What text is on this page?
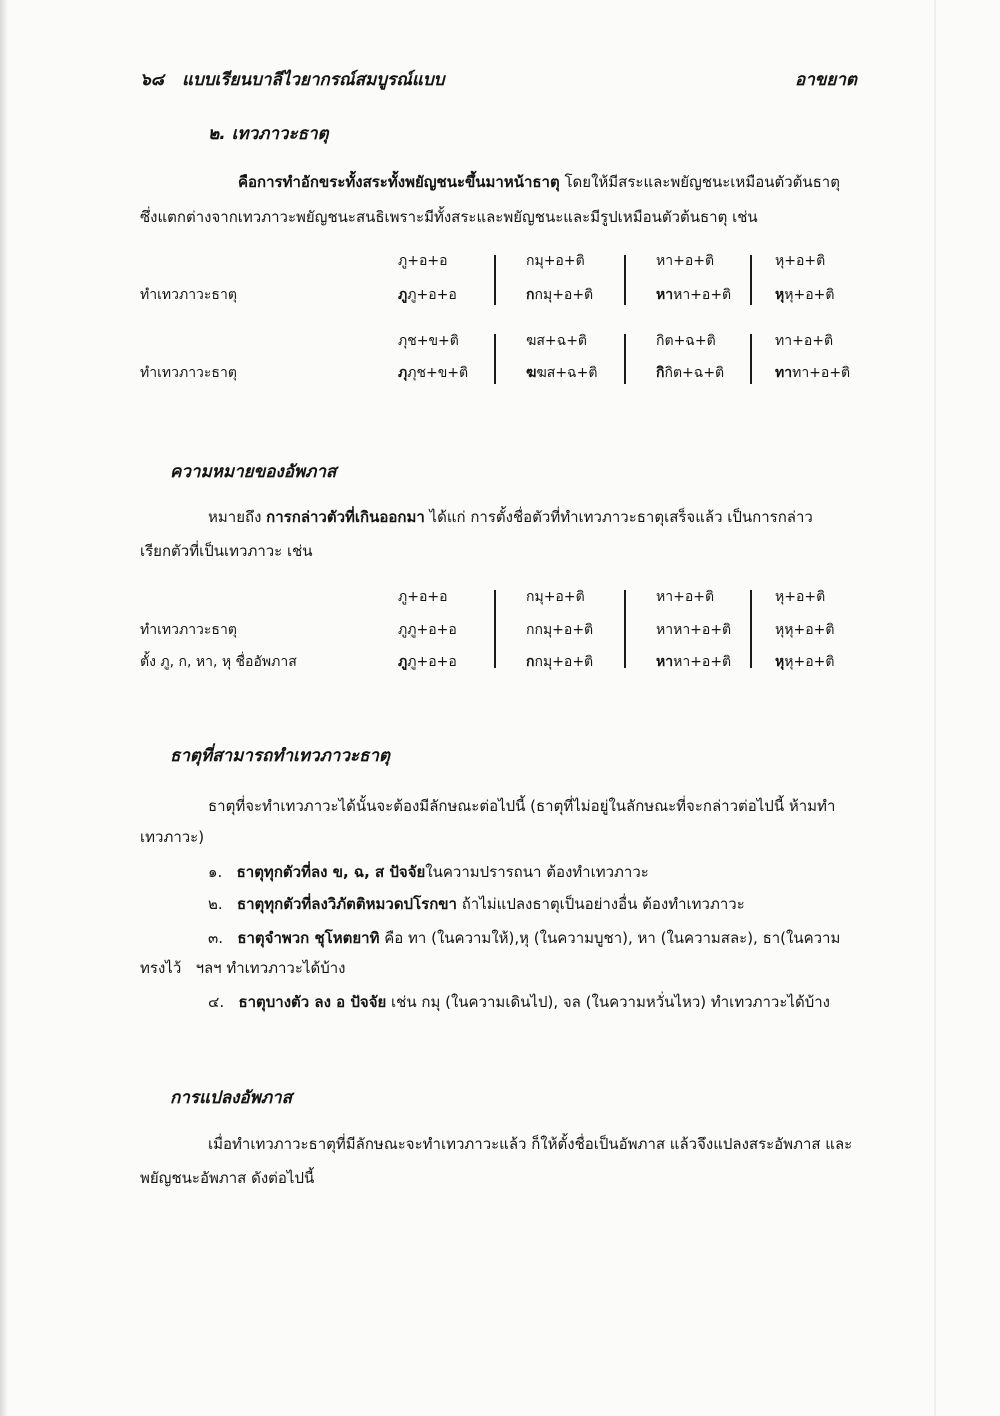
๖๘ แบบเรียนบาลีไวยากรณ์สมบูรณ์แบบ	อาขยาต
๒. เทวภาวะธาตุ
คือการทำอักขระทั้งสระทั้งพยัญชนะขึ้นมาหน้าธาตุ โดยให้มีสระและพยัญชนะเหมือนตัวต้นธาตุ
ซึ่งแตกต่างจากเทวภาวะพยัญชนะสนธิเพราะมีทั้งสระและพยัญชนะและมีรูปเหมือนตัวต้นธาตุ เช่น
ภู+อ+อ	กมุ+อ+ติ	หา+อ+ติ	หุ+อ+ติ
ทำเทวภาวะธาตุ	ภูภู+อ+อ	กกมุ+อ+ติ	หาหา+อ+ติ	หุหุ+อ+ติ
ภุช+ข+ติ	ฆส+ฉ+ติ	กิต+ฉ+ติ	ทา+อ+ติ
ทำเทวภาวะธาตุ	ภุภุช+ข+ติ	ฆฆส+ฉ+ติ	กิกิต+ฉ+ติ	ทาทา+อ+ติ
ความหมายของอัพภาส
หมายถึง การกล่าวตัวที่เกินออกมา ได้แก่ การตั้งชื่อตัวที่ทำเทวภาวะธาตุเสร็จแล้ว เป็นการกล่าว
เรียกตัวที่เป็นเทวภาวะ เช่น
ภู+อ+อ	กมุ+อ+ติ	หา+อ+ติ	หุ+อ+ติ
ทำเทวภาวะธาตุ	ภูภู+อ+อ	กกมุ+อ+ติ	หาหา+อ+ติ	หุหุ+อ+ติ
ตั้ง ภู, ก, หา, หุ ชื่ออัพภาส	ภูภู+อ+อ	กกมุ+อ+ติ	หาหา+อ+ติ	หุหุ+อ+ติ
ธาตุที่สามารถทำเทวภาวะธาตุ
ธาตุที่จะทำเทวภาวะได้นั้นจะต้องมีลักษณะต่อไปนี้ (ธาตุที่ไม่อยู่ในลักษณะที่จะกล่าวต่อไปนี้ ห้ามทำ
เทวภาวะ)
๑. ธาตุทุกตัวที่ลง ข, ฉ, ส ปัจจัยในความปรารถนา ต้องทำเทวภาวะ
๒. ธาตุทุกตัวที่ลงวิภัตติหมวดปโรกขา ถ้าไม่แปลงธาตุเป็นอย่างอื่น ต้องทำเทวภาวะ
๓. ธาตุจำพวก ชุโหตยาทิ คือ ทา (ในความให้),หุ (ในความบูชา), หา (ในความสละ), ธา(ในความ
ทรงไว้ ฯลฯ ทำเทวภาวะได้บ้าง
๔. ธาตุบางตัว ลง อ ปัจจัย เช่น กมุ (ในความเดินไป), จล (ในความหวั่นไหว) ทำเทวภาวะได้บ้าง
การแปลงอัพภาส
เมื่อทำเทวภาวะธาตุที่มีลักษณะจะทำเทวภาวะแล้ว ก็ให้ตั้งชื่อเป็นอัพภาส แล้วจึงแปลงสระอัพภาส และ
พยัญชนะอัพภาส ดังต่อไปนี้
